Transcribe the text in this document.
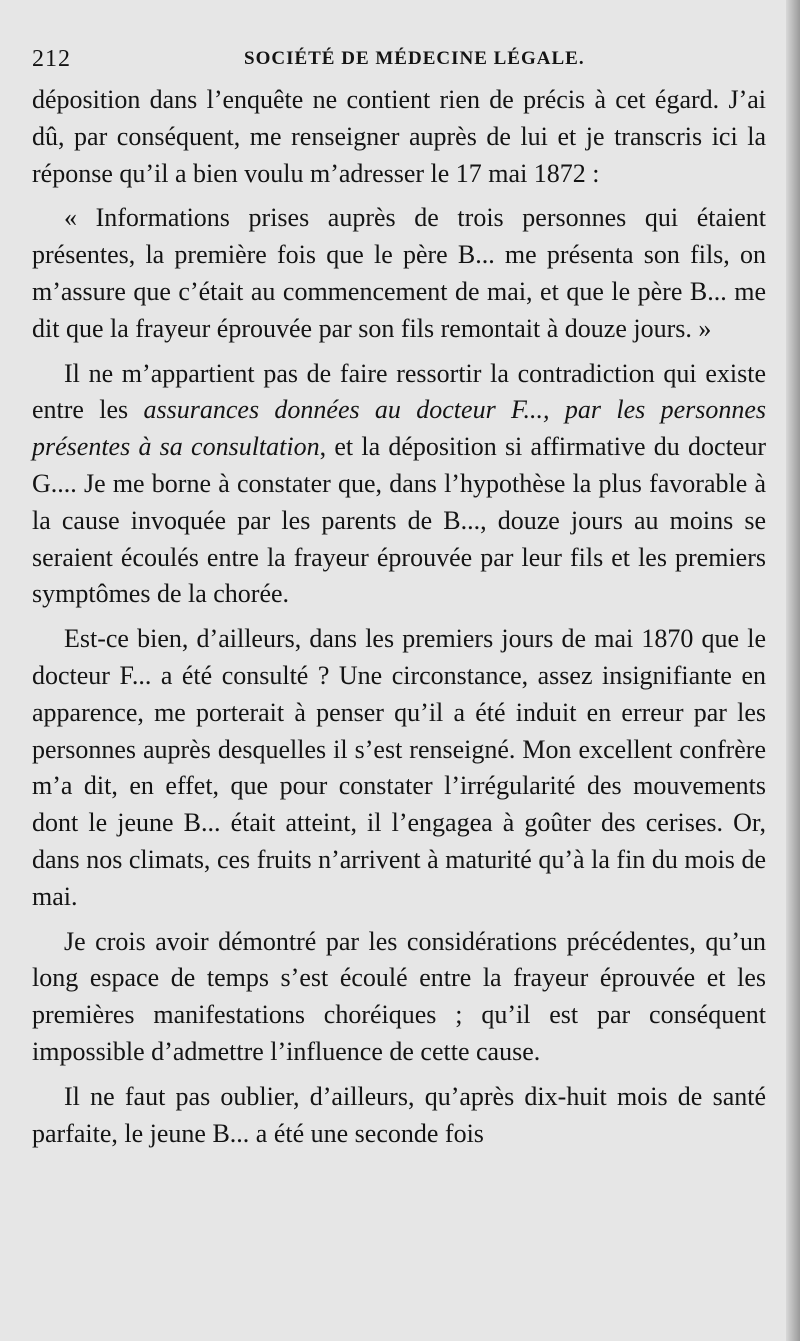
212	SOCIÉTÉ DE MÉDECINE LÉGALE.

déposition dans l’enquête ne contient rien de précis à cet égard. J’ai dû, par conséquent, me renseigner auprès de lui et je transcris ici la réponse qu’il a bien voulu m’adresser le 17 mai 1872 :

« Informations prises auprès de trois personnes qui étaient présentes, la première fois que le père B... me présenta son fils, on m’assure que c’était au commencement de mai, et que le père B... me dit que la frayeur éprouvée par son fils remontait à douze jours. »

Il ne m’appartient pas de faire ressortir la contradiction qui existe entre les assurances données au docteur F..., par les personnes présentes à sa consultation, et la déposition si affirmative du docteur G.... Je me borne à constater que, dans l’hypothèse la plus favorable à la cause invoquée par les parents de B..., douze jours au moins se seraient écoulés entre la frayeur éprouvée par leur fils et les premiers symptômes de la chorée.

Est-ce bien, d’ailleurs, dans les premiers jours de mai 1870 que le docteur F... a été consulté ? Une circonstance, assez insignifiante en apparence, me porterait à penser qu’il a été induit en erreur par les personnes auprès desquelles il s’est renseigné. Mon excellent confrère m’a dit, en effet, que pour constater l’irrégularité des mouvements dont le jeune B... était atteint, il l’engagea à goûter des cerises. Or, dans nos climats, ces fruits n’arrivent à maturité qu’à la fin du mois de mai.

Je crois avoir démontré par les considérations précédentes, qu’un long espace de temps s’est écoulé entre la frayeur éprouvée et les premières manifestations choréiques ; qu’il est par conséquent impossible d’admettre l’influence de cette cause.

Il ne faut pas oublier, d’ailleurs, qu’après dix-huit mois de santé parfaite, le jeune B... a été une seconde fois
